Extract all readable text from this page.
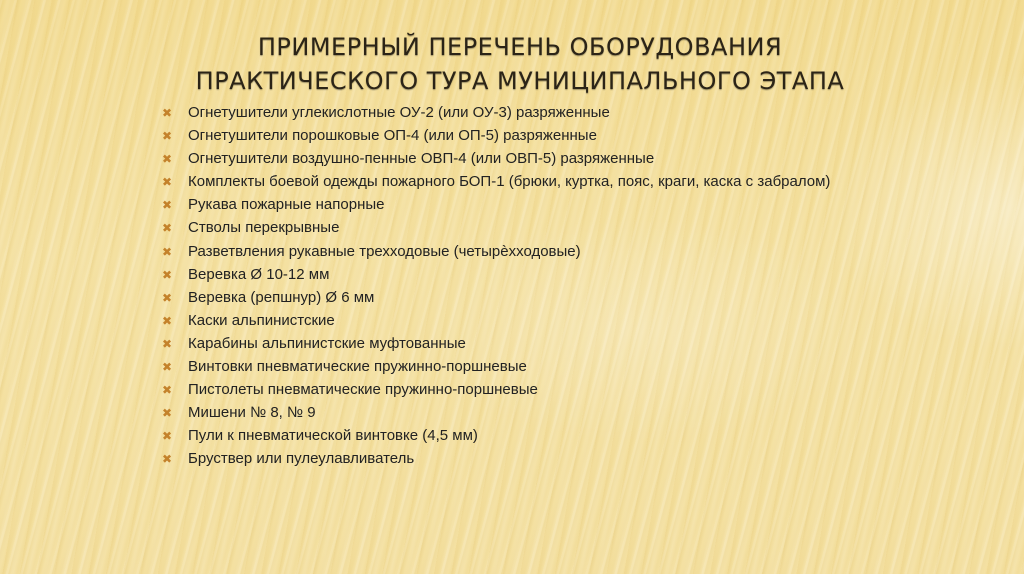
ПРИМЕРНЫЙ ПЕРЕЧЕНЬ ОБОРУДОВАНИЯ
ПРАКТИЧЕСКОГО ТУРА МУНИЦИПАЛЬНОГО ЭТАПА
✖ Огнетушители углекислотные ОУ-2 (или ОУ-3) разряженные
✖ Огнетушители порошковые ОП-4 (или ОП-5) разряженные
✖ Огнетушители воздушно-пенные ОВП-4 (или ОВП-5) разряженные
✖ Комплекты боевой одежды пожарного БОП-1 (брюки, куртка, пояс, краги, каска с забралом)
✖ Рукава пожарные напорные
✖ Стволы перекрывные
✖ Разветвления рукавные трехходовые (четырèхходовые)
✖ Веревка Ø 10-12 мм
✖ Веревка (репшнур) Ø 6 мм
✖ Каски альпинистские
✖ Карабины альпинистские муфтованные
✖ Винтовки пневматические пружинно-поршневые
✖ Пистолеты пневматические пружинно-поршневые
✖ Мишени № 8, № 9
✖ Пули к пневматической винтовке (4,5 мм)
✖ Бруствер или пулеулавливатель
